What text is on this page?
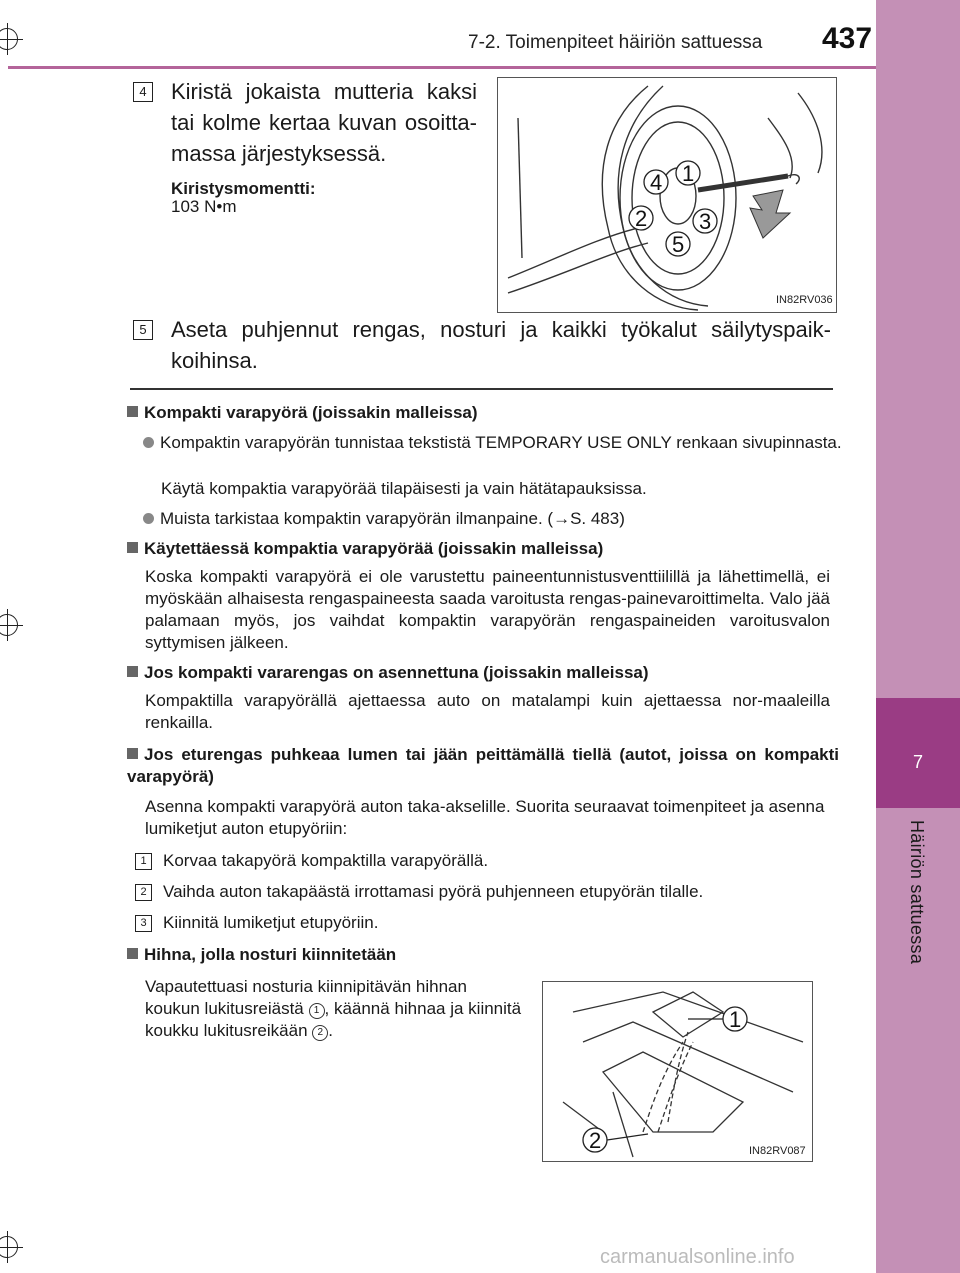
7
Häiriön sattuessa
7-2. Toimenpiteet häiriön sattuessa 437
4 Kiristä jokaista mutteria kaksi tai kolme kertaa kuvan osoitta-massa järjestyksessä.
Kiristysmomentti:
103 N•m
1
2 3
4
5
IN82RV036
5 Aseta puhjennut rengas, nosturi ja kaikki työkalut säilytyspaik-koihinsa.
Kompakti varapyörä (joissakin malleissa)
Kompaktin varapyörän tunnistaa tekstistä TEMPORARY USE ONLY renkaan sivupinnasta.
Käytä kompaktia varapyörää tilapäisesti ja vain hätätapauksissa.
Muista tarkistaa kompaktin varapyörän ilmanpaine. (→S. 483)
Käytettäessä kompaktia varapyörää (joissakin malleissa)
Koska kompakti varapyörä ei ole varustettu paineentunnistusventtiilillä ja lähettimellä, ei myöskään alhaisesta rengaspaineesta saada varoitusta rengas-painevaroittimelta. Valo jää palamaan myös, jos vaihdat kompaktin varapyörän rengaspaineiden varoitusvalon syttymisen jälkeen.
Jos kompakti vararengas on asennettuna (joissakin malleissa)
Kompaktilla varapyörällä ajettaessa auto on matalampi kuin ajettaessa nor-maaleilla renkailla.
Jos eturengas puhkeaa lumen tai jään peittämällä tiellä (autot, joissa on kompakti varapyörä)
Asenna kompakti varapyörä auton taka-akselille. Suorita seuraavat toimenpiteet ja asenna lumiketjut auton etupyöriin:
1 Korvaa takapyörä kompaktilla varapyörällä.
2 Vaihda auton takapäästä irrottamasi pyörä puhjenneen etupyörän tilalle.
3 Kiinnitä lumiketjut etupyöriin.
Hihna, jolla nosturi kiinnitetään
Vapautettuasi nosturia kiinnipitävän hihnan koukun lukitusreiästä 1 , käännä hihnaa ja kiinnitä koukku lukitusreikään 2 .	1
2	IN82RV087
carmanualsonline.info
